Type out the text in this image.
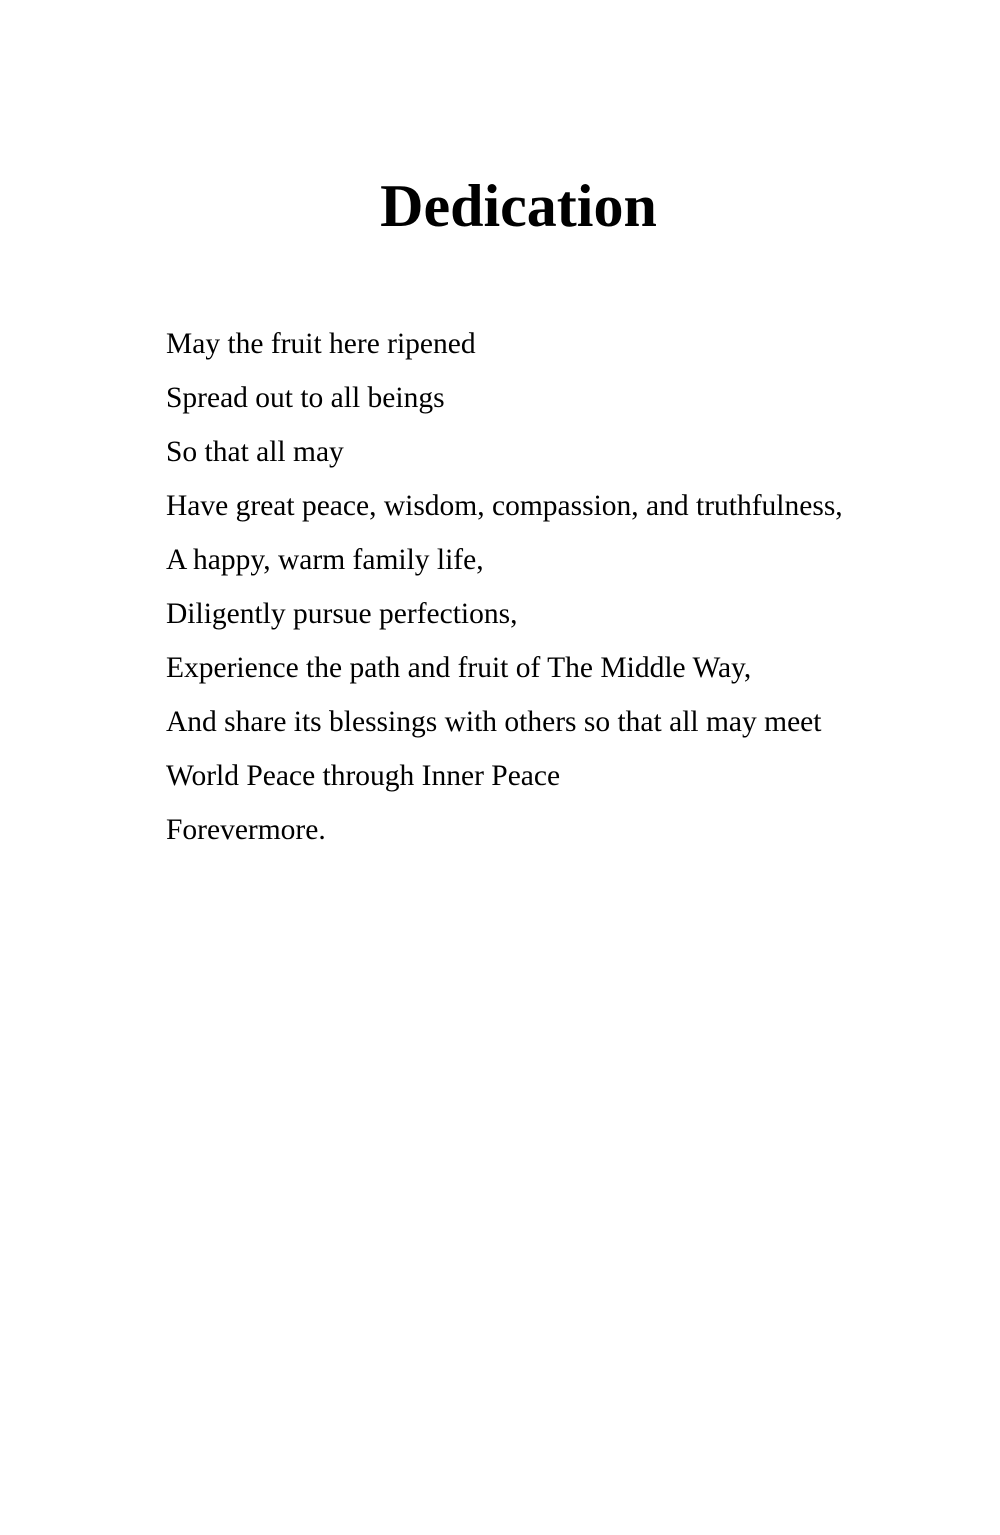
Dedication
May the fruit here ripened
Spread out to all beings
So that all may
Have great peace, wisdom, compassion, and truthfulness,
A happy, warm family life,
Diligently pursue perfections,
Experience the path and fruit of The Middle Way,
And share its blessings with others so that all may meet
World Peace through Inner Peace
Forevermore.
